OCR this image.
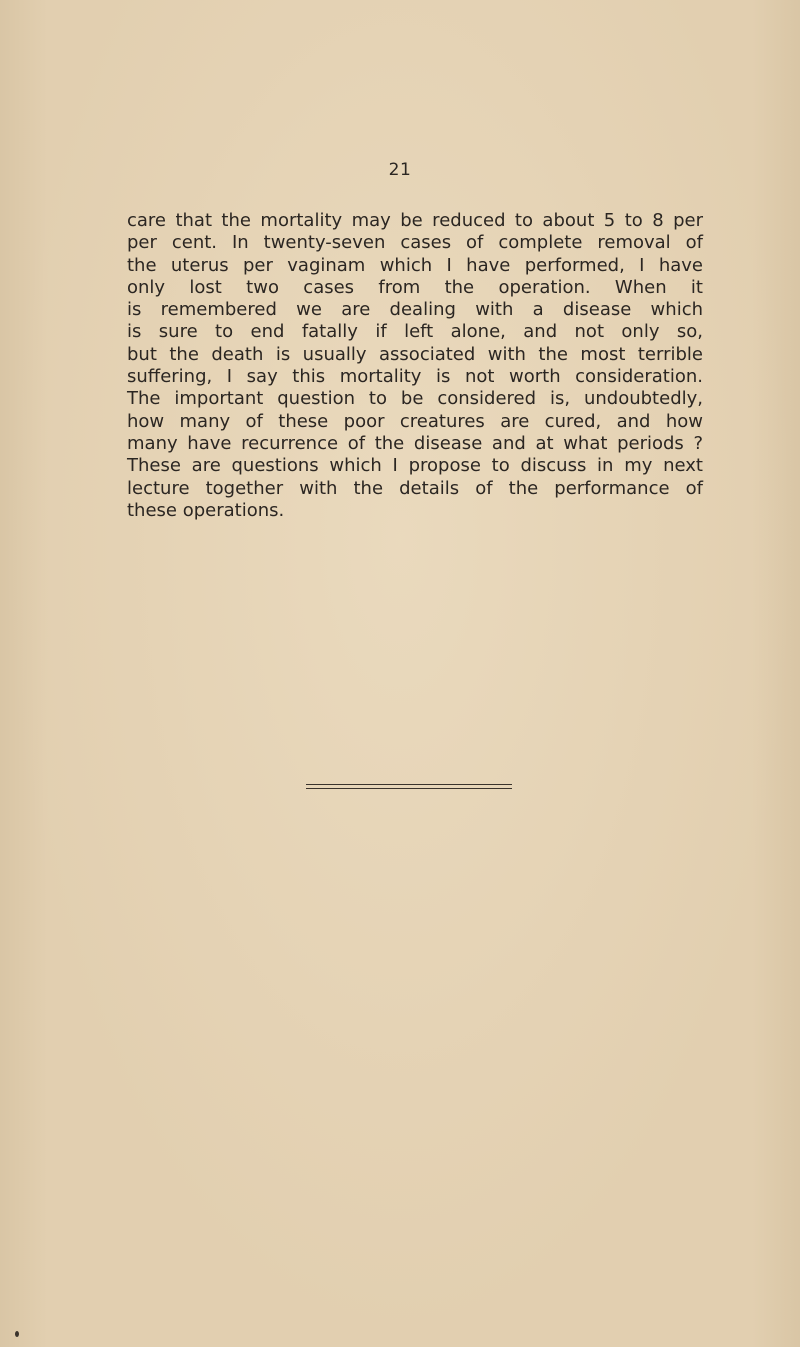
21
care that the mortality may be reduced to about 5 to 8 per
per cent. In twenty-seven cases of complete removal of
the uterus per vaginam which I have performed, I have
only lost two cases from the operation. When it
is remembered we are dealing with a disease which
is sure to end fatally if left alone, and not only so,
but the death is usually associated with the most terrible
suffering, I say this mortality is not worth consideration.
The important question to be considered is, undoubtedly,
how many of these poor creatures are cured, and how
many have recurrence of the disease and at what periods ?
These are questions which I propose to discuss in my next
lecture together with the details of the performance of
these operations.
